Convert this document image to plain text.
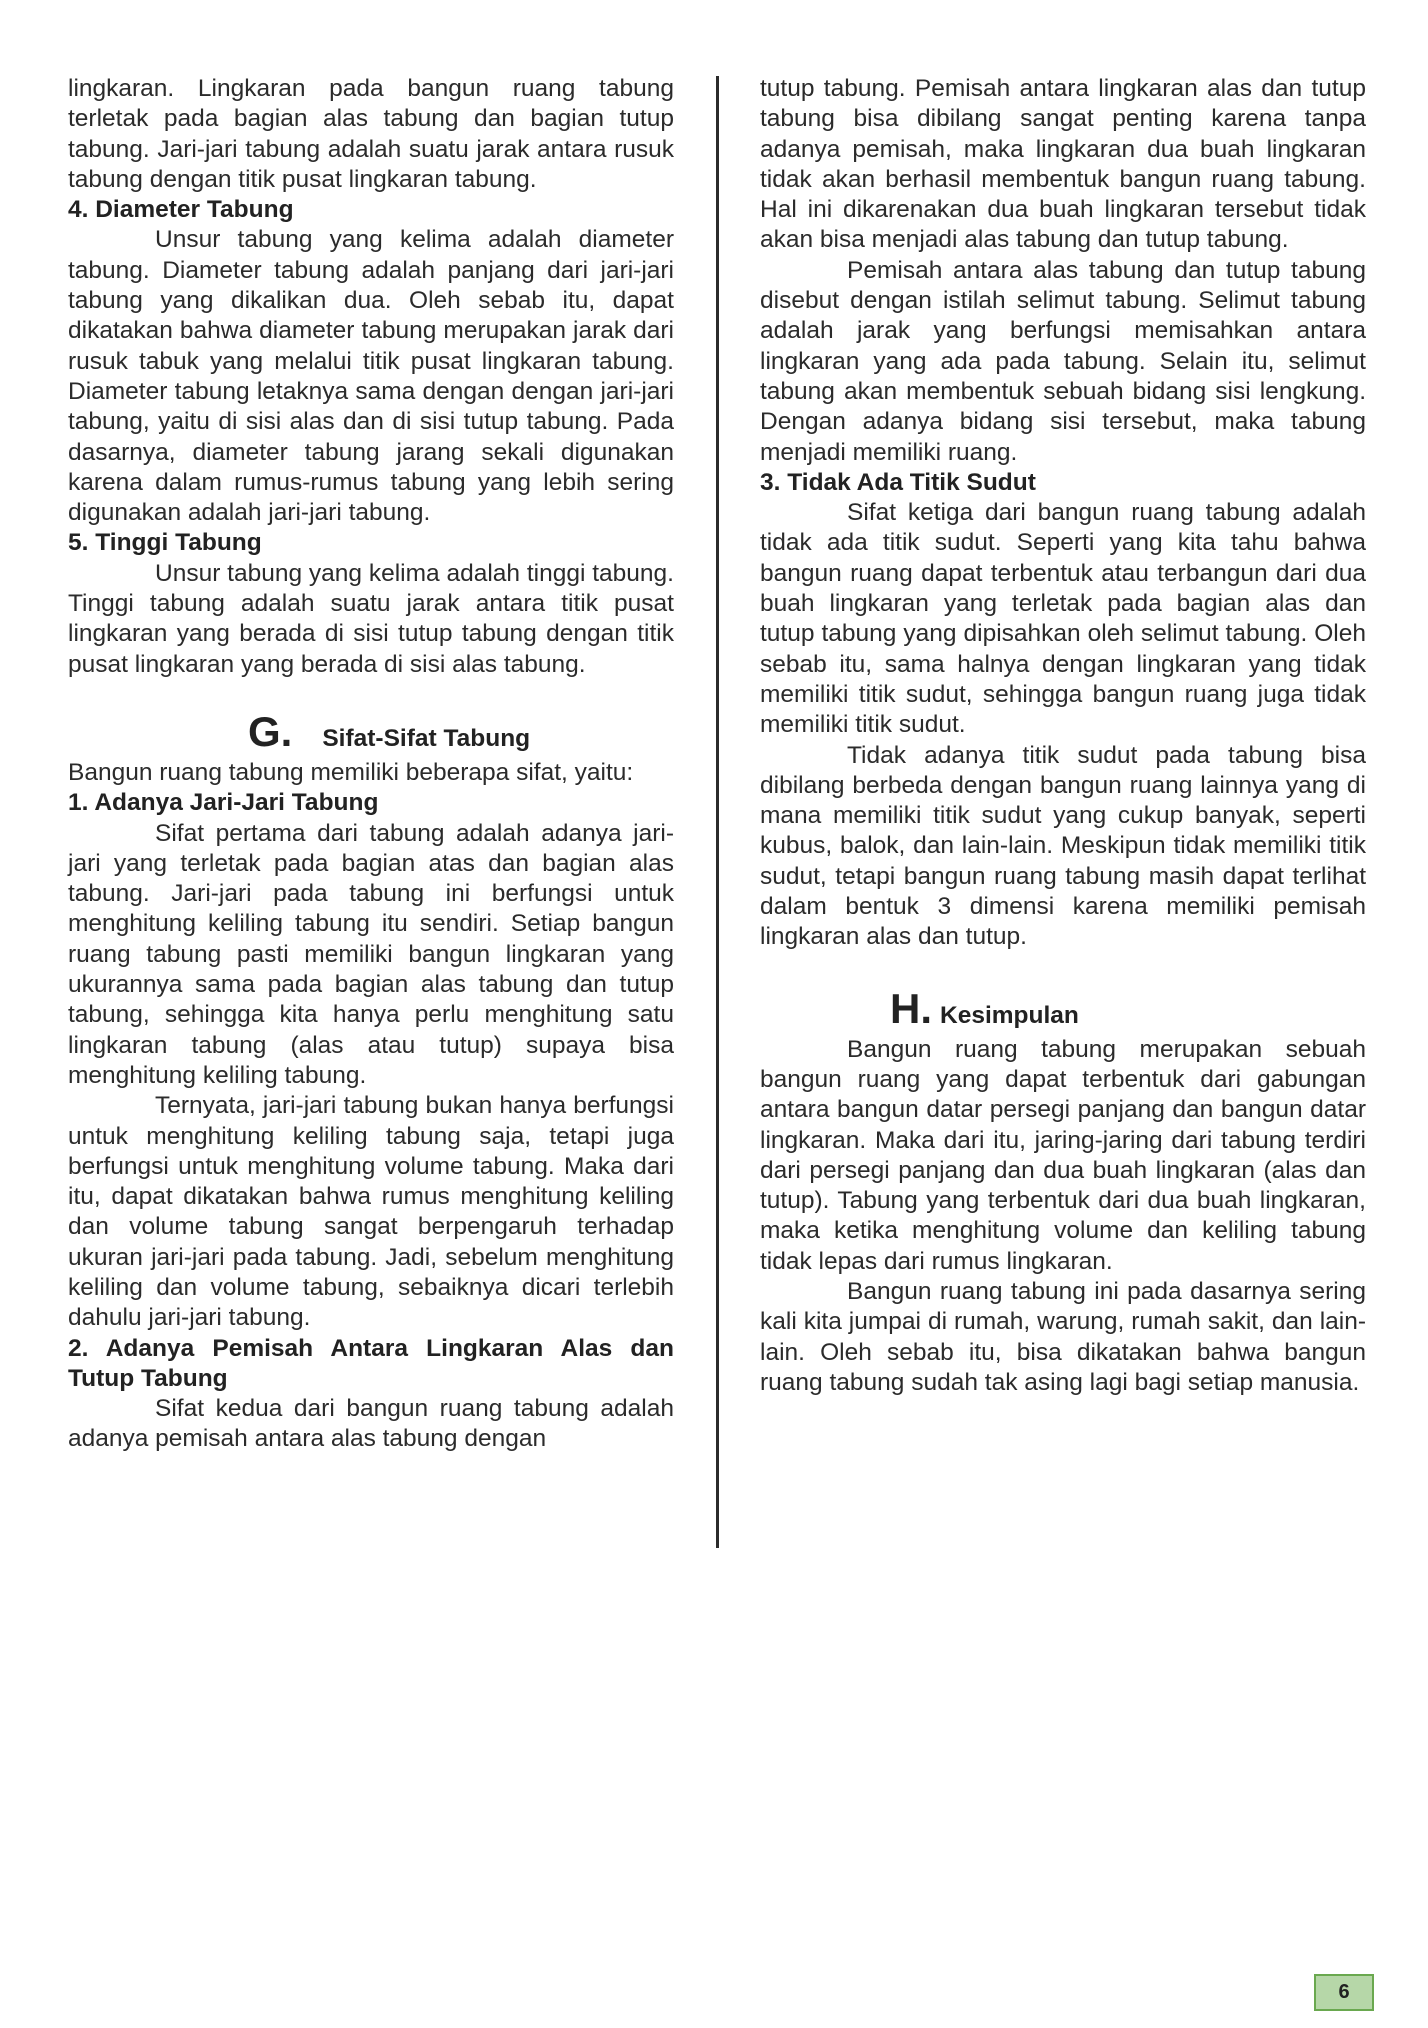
lingkaran. Lingkaran pada bangun ruang tabung terletak pada bagian alas tabung dan bagian tutup tabung. Jari-jari tabung adalah suatu jarak antara rusuk tabung dengan titik pusat lingkaran tabung.

4. Diameter Tabung

Unsur tabung yang kelima adalah diameter tabung. Diameter tabung adalah panjang dari jari-jari tabung yang dikalikan dua. Oleh sebab itu, dapat dikatakan bahwa diameter tabung merupakan jarak dari rusuk tabuk yang melalui titik pusat lingkaran tabung. Diameter tabung letaknya sama dengan dengan jari-jari tabung, yaitu di sisi alas dan di sisi tutup tabung. Pada dasarnya, diameter tabung jarang sekali digunakan karena dalam rumus-rumus tabung yang lebih sering digunakan adalah jari-jari tabung.

5. Tinggi Tabung

Unsur tabung yang kelima adalah tinggi tabung. Tinggi tabung adalah suatu jarak antara titik pusat lingkaran yang berada di sisi tutup tabung dengan titik pusat lingkaran yang berada di sisi alas tabung.

G. Sifat-Sifat Tabung

Bangun ruang tabung memiliki beberapa sifat, yaitu:

1. Adanya Jari-Jari Tabung

Sifat pertama dari tabung adalah adanya jari-jari yang terletak pada bagian atas dan bagian alas tabung. Jari-jari pada tabung ini berfungsi untuk menghitung keliling tabung itu sendiri. Setiap bangun ruang tabung pasti memiliki bangun lingkaran yang ukurannya sama pada bagian alas tabung dan tutup tabung, sehingga kita hanya perlu menghitung satu lingkaran tabung (alas atau tutup) supaya bisa menghitung keliling tabung.

Ternyata, jari-jari tabung bukan hanya berfungsi untuk menghitung keliling tabung saja, tetapi juga berfungsi untuk menghitung volume tabung. Maka dari itu, dapat dikatakan bahwa rumus menghitung keliling dan volume tabung sangat berpengaruh terhadap ukuran jari-jari pada tabung. Jadi, sebelum menghitung keliling dan volume tabung, sebaiknya dicari terlebih dahulu jari-jari tabung.

2. Adanya Pemisah Antara Lingkaran Alas dan Tutup Tabung

Sifat kedua dari bangun ruang tabung adalah adanya pemisah antara alas tabung dengan

tutup tabung. Pemisah antara lingkaran alas dan tutup tabung bisa dibilang sangat penting karena tanpa adanya pemisah, maka lingkaran dua buah lingkaran tidak akan berhasil membentuk bangun ruang tabung. Hal ini dikarenakan dua buah lingkaran tersebut tidak akan bisa menjadi alas tabung dan tutup tabung.

Pemisah antara alas tabung dan tutup tabung disebut dengan istilah selimut tabung. Selimut tabung adalah jarak yang berfungsi memisahkan antara lingkaran yang ada pada tabung. Selain itu, selimut tabung akan membentuk sebuah bidang sisi lengkung. Dengan adanya bidang sisi tersebut, maka tabung menjadi memiliki ruang.

3. Tidak Ada Titik Sudut

Sifat ketiga dari bangun ruang tabung adalah tidak ada titik sudut. Seperti yang kita tahu bahwa bangun ruang dapat terbentuk atau terbangun dari dua buah lingkaran yang terletak pada bagian alas dan tutup tabung yang dipisahkan oleh selimut tabung. Oleh sebab itu, sama halnya dengan lingkaran yang tidak memiliki titik sudut, sehingga bangun ruang juga tidak memiliki titik sudut.

Tidak adanya titik sudut pada tabung bisa dibilang berbeda dengan bangun ruang lainnya yang di mana memiliki titik sudut yang cukup banyak, seperti kubus, balok, dan lain-lain. Meskipun tidak memiliki titik sudut, tetapi bangun ruang tabung masih dapat terlihat dalam bentuk 3 dimensi karena memiliki pemisah lingkaran alas dan tutup.

H. Kesimpulan

Bangun ruang tabung merupakan sebuah bangun ruang yang dapat terbentuk dari gabungan antara bangun datar persegi panjang dan bangun datar lingkaran. Maka dari itu, jaring-jaring dari tabung terdiri dari persegi panjang dan dua buah lingkaran (alas dan tutup). Tabung yang terbentuk dari dua buah lingkaran, maka ketika menghitung volume dan keliling tabung tidak lepas dari rumus lingkaran.

Bangun ruang tabung ini pada dasarnya sering kali kita jumpai di rumah, warung, rumah sakit, dan lain-lain. Oleh sebab itu, bisa dikatakan bahwa bangun ruang tabung sudah tak asing lagi bagi setiap manusia.

6
